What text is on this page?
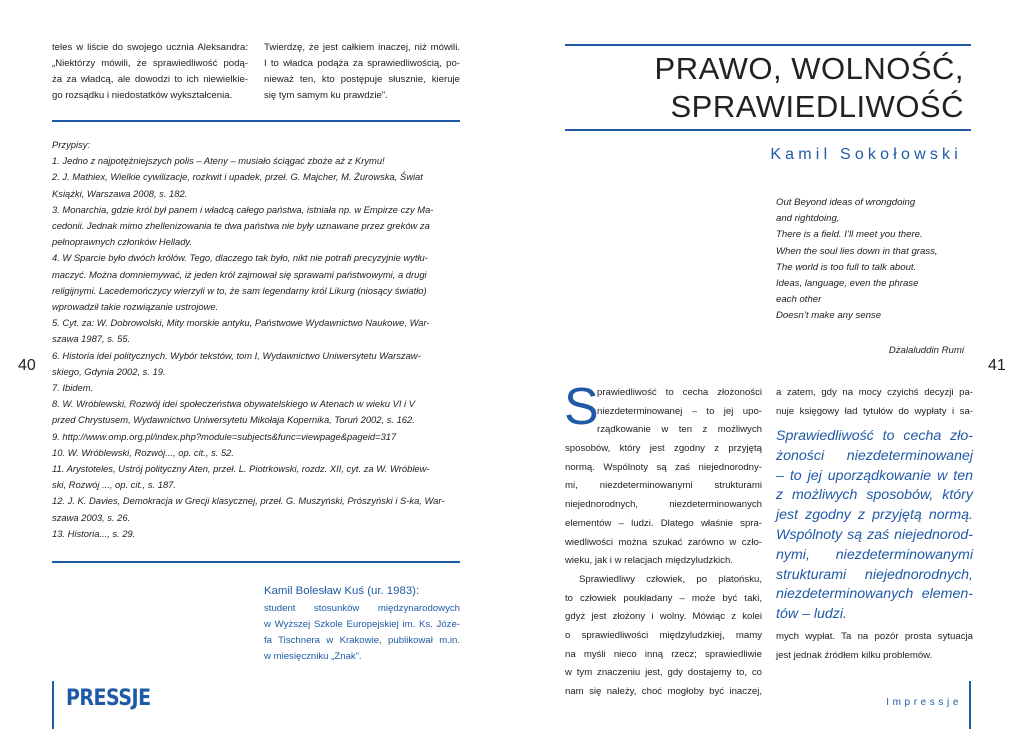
teles w liście do swojego ucznia Aleksandra:
„Niektórzy mówili, że sprawiedliwość podą-
ża za władcą, ale dowodzi to ich niewielkie-
go rozsądku i niedostatków wykształcenia.
Twierdzę, że jest całkiem inaczej, niż mówili.
I to władca podąża za sprawiedliwością, po-
nieważ ten, kto postępuje słusznie, kieruje
się tym samym ku prawdzie”.
Przypisy:
1. Jedno z najpotężniejszych polis – Ateny – musiało ściągać zboże aż z Krymu!
2. J. Mathiex, Wielkie cywilizacje, rozkwit i upadek, przeł. G. Majcher, M. Żurowska, Świat
Książki, Warszawa 2008, s. 182.
3. Monarchia, gdzie król był panem i władcą całego państwa, istniała np. w Empirze czy Ma-
cedonii. Jednak mimo zhellenizowania te dwa państwa nie były uznawane przez greków za
pełnoprawnych członków Hellady.
4. W Sparcie było dwóch królów. Tego, dlaczego tak było, nikt nie potrafi precyzyjnie wytłu-
maczyć. Można domniemywać, iż jeden król zajmował się sprawami państwowymi, a drugi
religijnymi. Lacedemończycy wierzyli w to, że sam legendarny król Likurg (niosący światło)
wprowadził takie rozwiązanie ustrojowe.
5. Cyt. za: W. Dobrowolski, Mity morskie antyku, Państwowe Wydawnictwo Naukowe, War-
szawa 1987, s. 55.
6. Historia idei politycznych. Wybór tekstów, tom I, Wydawnictwo Uniwersytetu Warszaw-
skiego, Gdynia 2002, s. 19.
7. Ibidem.
8. W. Wróblewski, Rozwój idei społeczeństwa obywatelskiego w Atenach w wieku VI i V
przed Chrystusem, Wydawnictwo Uniwersytetu Mikołaja Kopernika, Toruń 2002, s. 162.
9. http://www.omp.org.pl/index.php?module=subjects&func=viewpage&pageid=317
10. W. Wróblewski, Rozwój..., op. cit., s. 52.
11. Arystoteles, Ustrój polityczny Aten, przeł. L. Piotrkowski, rozdz. XII, cyt. za W. Wróblew-
ski, Rozwój ..., op. cit., s. 187.
12. J. K. Davies, Demokracja w Grecji klasycznej, przeł. G. Muszyński, Prószyński i S-ka, War-
szawa 2003, s. 26.
13. Historia..., s. 29.
40
Kamil Bolesław Kuś (ur. 1983):
student stosunków międzynarodowych
w Wyższej Szkole Europejskiej im. Ks. Józe-
fa Tischnera w Krakowie, publikował m.in.
w miesięczniku „Znak”.
PRESSJE
PRAWO, WOLNOŚĆ,
SPRAWIEDLIWOŚĆ
Kamil Sokołowski
Out Beyond ideas of wrongdoing
and rightdoing,
There is a field. I’ll meet you there.
When the soul lies down in that grass,
The world is too full to talk about.
Ideas, language, even the phrase
each other
Doesn’t make any sense
Dżalaluddin Rumi
41
S
prawiedliwość to cecha złożoności
niezdeterminowanej – to jej upo-
rządkowanie w ten z możliwych
sposobów, który jest zgodny z przyjętą
normą. Wspólnoty są zaś niejednorodny-
mi, niezdeterminowanymi strukturami
niejednorodnych, niezdeterminowanych
elementów – ludzi. Dlatego właśnie spra-
wiedliwości można szukać zarówno w czło-
wieku, jak i w relacjach międzyludzkich.
Sprawiedliwy człowiek, po platońsku,
to człowiek poukładany – może być taki,
gdyż jest złożony i wolny. Mówiąc z kolei
o sprawiedliwości międzyludzkiej, mamy
na myśli nieco inną rzecz; sprawiedliwie
w tym znaczeniu jest, gdy dostajemy to, co
nam się należy, choć mogłoby być inaczej,
a zatem, gdy na mocy czyichś decyzji pa-
nuje księgowy ład tytułów do wypłaty i sa-
Sprawiedliwość to cecha zło-
żoności niezdeterminowanej
– to jej uporządkowanie w ten
z możliwych sposobów, który
jest zgodny z przyjętą normą.
Wspólnoty są zaś niejednorod-
nymi, niezdeterminowanymi
strukturami niejednorodnych,
niezdeterminowanych elemen-
tów – ludzi.
mych wypłat. Ta na pozór prosta sytuacja
jest jednak źródłem kilku problemów.
Impressje
